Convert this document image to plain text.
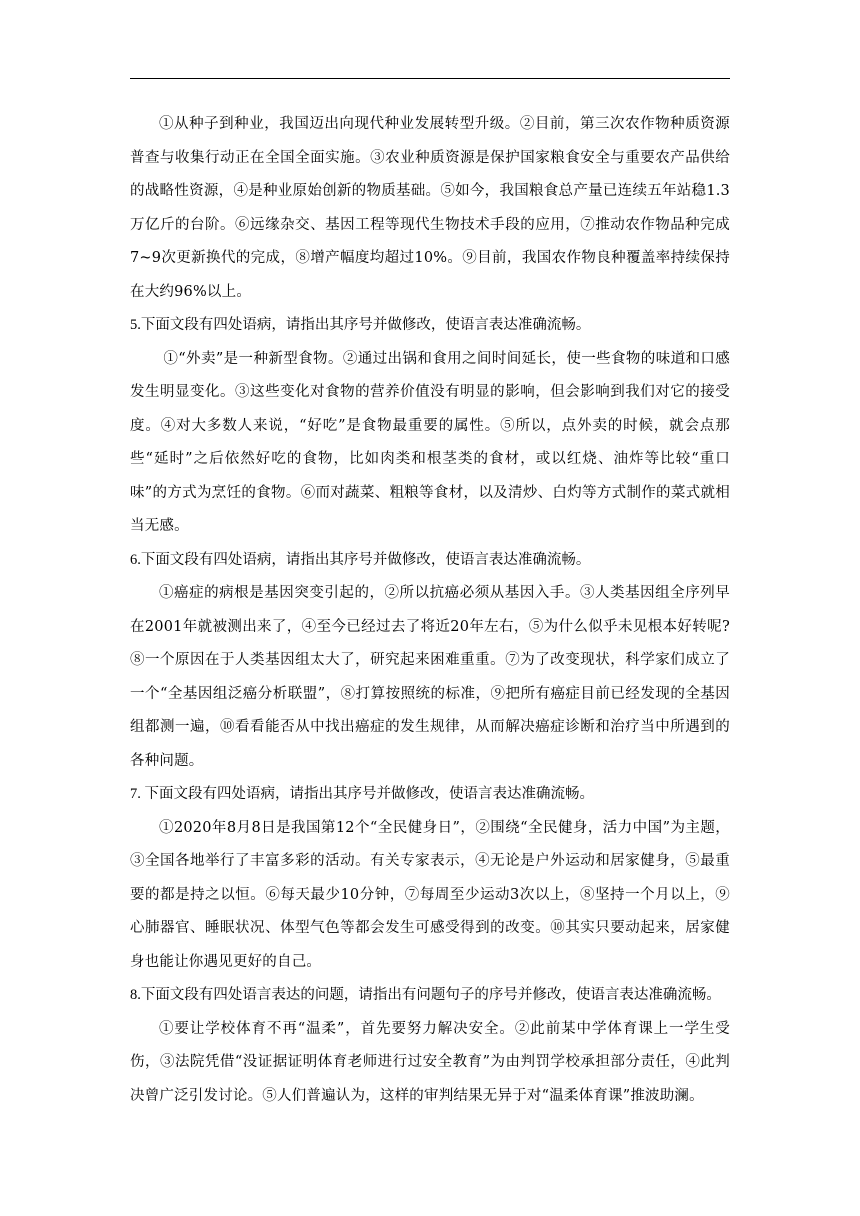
①从种子到种业，我国迈出向现代种业发展转型升级。②目前，第三次农作物种质资源普查与收集行动正在全国全面实施。③农业种质资源是保护国家粮食安全与重要农产品供给的战略性资源，④是种业原始创新的物质基础。⑤如今，我国粮食总产量已连续五年站稳1.3万亿斤的台阶。⑥远缘杂交、基因工程等现代生物技术手段的应用，⑦推动农作物品种完成7~9次更新换代的完成，⑧增产幅度均超过10%。⑨目前，我国农作物良种覆盖率持续保持在大约96%以上。

5.下面文段有四处语病，请指出其序号并做修改，使语言表达准确流畅。

①“外卖”是一种新型食物。②通过出锅和食用之间时间延长，使一些食物的味道和口感发生明显变化。③这些变化对食物的营养价值没有明显的影响，但会影响到我们对它的接受度。④对大多数人来说，“好吃”是食物最重要的属性。⑤所以，点外卖的时候，就会点那些“延时”之后依然好吃的食物，比如肉类和根茎类的食材，或以红烧、油炸等比较“重口味”的方式为烹饪的食物。⑥而对蔬菜、粗粮等食材，以及清炒、白灼等方式制作的菜式就相当无感。

6.下面文段有四处语病，请指出其序号并做修改，使语言表达准确流畅。

①癌症的病根是基因突变引起的，②所以抗癌必须从基因入手。③人类基因组全序列早在2001年就被测出来了，④至今已经过去了将近20年左右，⑤为什么似乎未见根本好转呢?⑧一个原因在于人类基因组太大了，研究起来困难重重。⑦为了改变现状，科学家们成立了一个“全基因组泛癌分析联盟”，⑧打算按照统的标准，⑨把所有癌症目前已经发现的全基因组都测一遍，⑩看看能否从中找出癌症的发生规律，从而解决癌症诊断和治疗当中所遇到的各种问题。

7. 下面文段有四处语病，请指出其序号并做修改，使语言表达准确流畅。

①2020年8月8日是我国第12个“全民健身日”，②围绕“全民健身，活力中国”为主题，③全国各地举行了丰富多彩的活动。有关专家表示，④无论是户外运动和居家健身，⑤最重要的都是持之以恒。⑥每天最少10分钟，⑦每周至少运动3次以上，⑧坚持一个月以上，⑨心肺器官、睡眠状况、体型气色等都会发生可感受得到的改变。⑩其实只要动起来，居家健身也能让你遇见更好的自己。

8.下面文段有四处语言表达的问题，请指出有问题句子的序号并修改，使语言表达准确流畅。

①要让学校体育不再“温柔”，首先要努力解决安全。②此前某中学体育课上一学生受伤，③法院凭借“没证据证明体育老师进行过安全教育”为由判罚学校承担部分责任，④此判决曾广泛引发讨论。⑤人们普遍认为，这样的审判结果无异于对“温柔体育课”推波助澜。
